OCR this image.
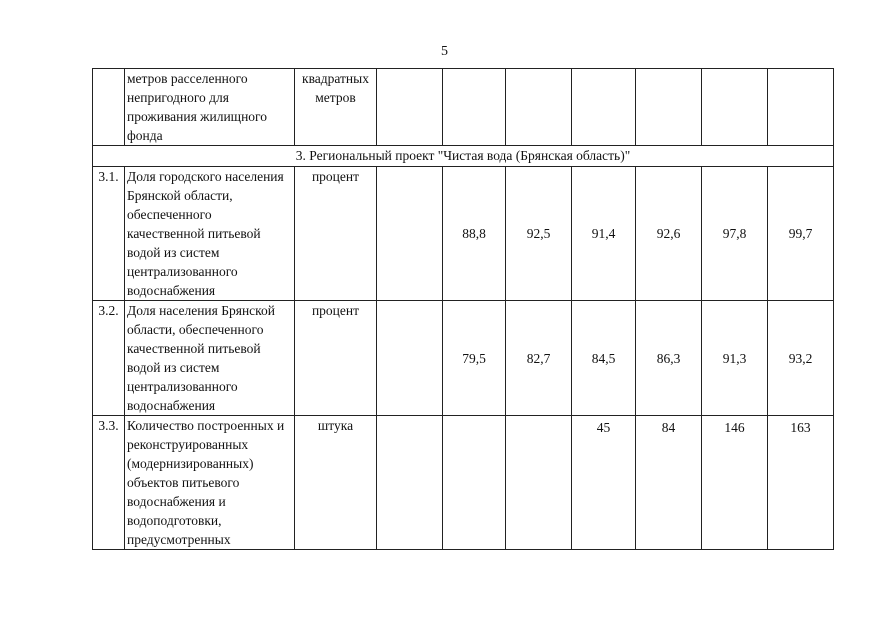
5
	метров расселенного непригодного для проживания жилищного фонда	квадратных метров							
3. Региональный проект "Чистая вода (Брянская область)"									
3.1.	Доля городского населения Брянской области, обеспеченного качественной питьевой водой из систем централизованного водоснабжения	процент		88,8	92,5	91,4	92,6	97,8	99,7
3.2.	Доля населения Брянской области, обеспеченного качественной питьевой водой из систем централизованного водоснабжения	процент		79,5	82,7	84,5	86,3	91,3	93,2
3.3.	Количество построенных и реконструированных (модернизированных) объектов питьевого водоснабжения и водоподготовки, предусмотренных	штука				45	84	146	163
